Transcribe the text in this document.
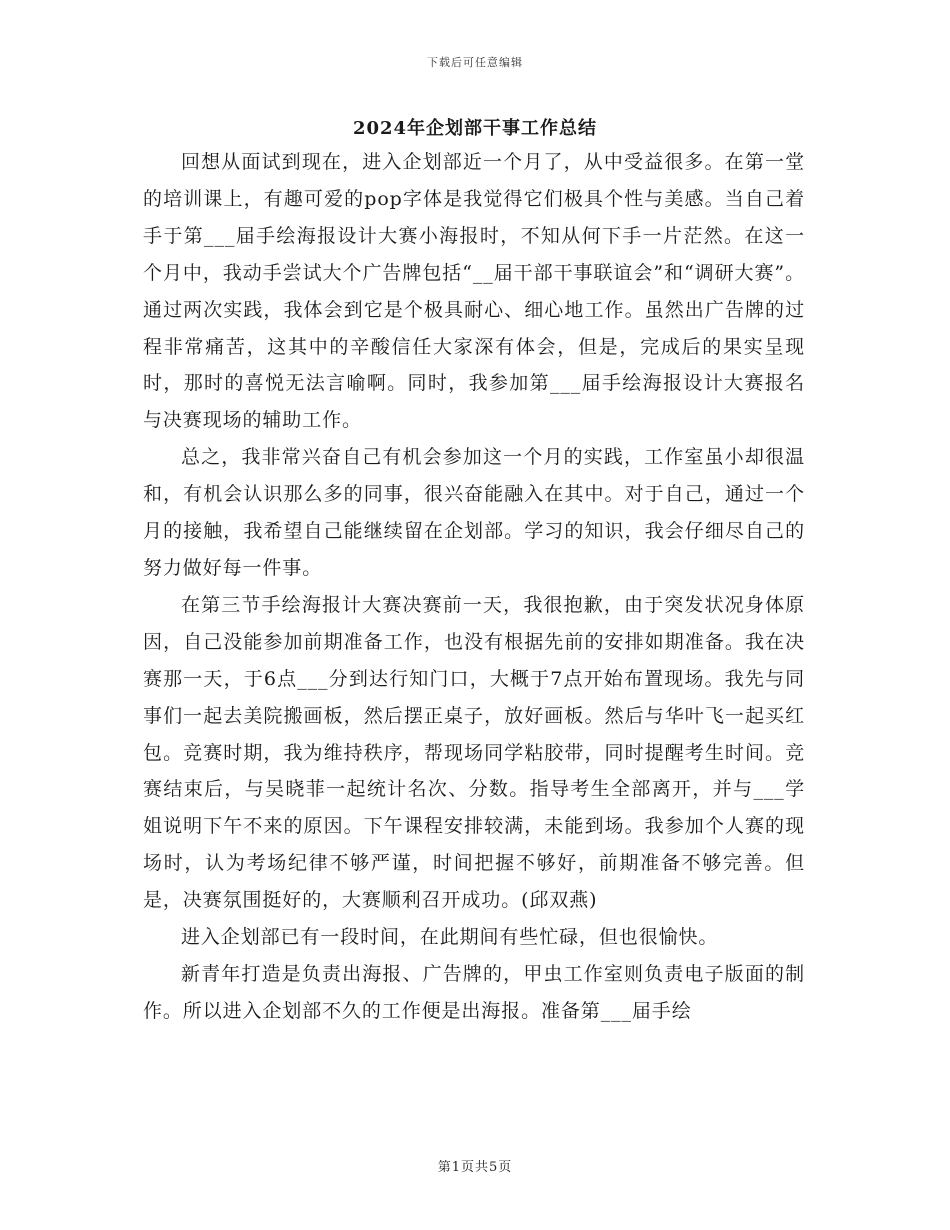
下载后可任意编辑
2024年企划部干事工作总结

回想从面试到现在，进入企划部近一个月了，从中受益很多。在第一堂的培训课上，有趣可爱的pop字体是我觉得它们极具个性与美感。当自己着手于第___届手绘海报设计大赛小海报时，不知从何下手一片茫然。在这一个月中，我动手尝试大个广告牌包括“__届干部干事联谊会”和“调研大赛”。通过两次实践，我体会到它是个极具耐心、细心地工作。虽然出广告牌的过程非常痛苦，这其中的辛酸信任大家深有体会，但是，完成后的果实呈现时，那时的喜悦无法言喻啊。同时，我参加第___届手绘海报设计大赛报名与决赛现场的辅助工作。

总之，我非常兴奋自己有机会参加这一个月的实践，工作室虽小却很温和，有机会认识那么多的同事，很兴奋能融入在其中。对于自己，通过一个月的接触，我希望自己能继续留在企划部。学习的知识，我会仔细尽自己的努力做好每一件事。

在第三节手绘海报计大赛决赛前一天，我很抱歉，由于突发状况身体原因，自己没能参加前期准备工作，也没有根据先前的安排如期准备。我在决赛那一天，于6点___分到达行知门口，大概于7点开始布置现场。我先与同事们一起去美院搬画板，然后摆正桌子，放好画板。然后与华叶飞一起买红包。竞赛时期，我为维持秩序，帮现场同学粘胶带，同时提醒考生时间。竞赛结束后，与吴晓菲一起统计名次、分数。指导考生全部离开，并与___学姐说明下午不来的原因。下午课程安排较满，未能到场。我参加个人赛的现场时，认为考场纪律不够严谨，时间把握不够好，前期准备不够完善。但是，决赛氛围挺好的，大赛顺利召开成功。(邱双燕)

进入企划部已有一段时间，在此期间有些忙碌，但也很愉快。

新青年打造是负责出海报、广告牌的，甲虫工作室则负责电子版面的制作。所以进入企划部不久的工作便是出海报。准备第___届手绘

第1页共5页
